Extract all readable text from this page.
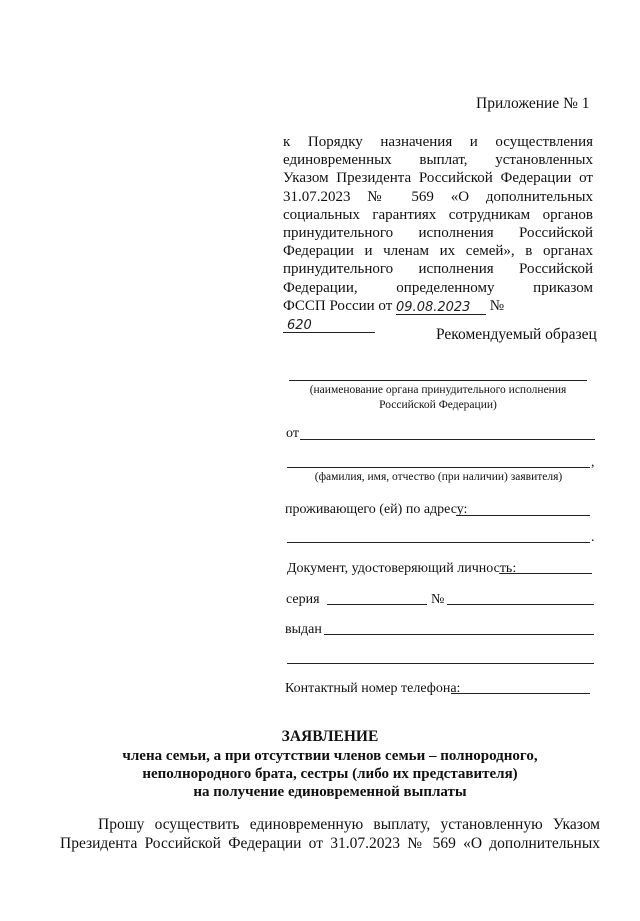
Приложение № 1
к Порядку назначения и осуществления единовременных выплат, установленных Указом Президента Российской Федерации от 31.07.2023 № 569 «О дополнительных социальных гарантиях сотрудникам органов принудительного исполнения Российской Федерации и членам их семей», в органах принудительного исполнения Российской Федерации, определенному приказом
ФССП России от 09.08.2023 № 620
Рекомендуемый образец
(наименование органа принудительного исполнения
Российской Федерации)
от
,
(фамилия, имя, отчество (при наличии) заявителя)
проживающего (ей) по адресу:
.
Документ, удостоверяющий личность:
серия	№
выдан
Контактный номер телефона:
ЗАЯВЛЕНИЕ
члена семьи, а при отсутствии членов семьи – полнородного,
неполнородного брата, сестры (либо их представителя)
на получение единовременной выплаты
Прошу осуществить единовременную выплату, установленную Указом
Президента Российской Федерации от 31.07.2023 № 569 «О дополнительных
